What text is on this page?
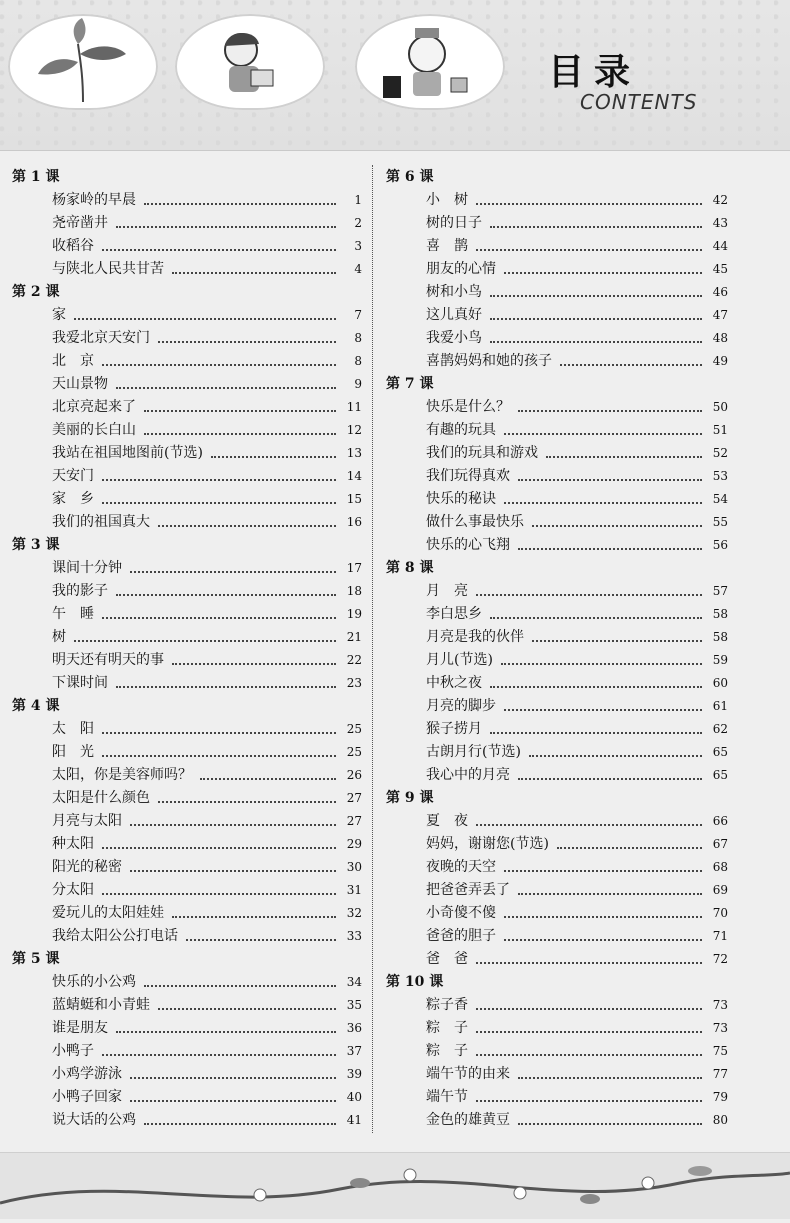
目录
CONTENTS
第 1 课
杨家岭的早晨	1
尧帝凿井	2
收稻谷	3
与陕北人民共甘苦	4
第 2 课
家	7
我爱北京天安门	8
北　京	8
天山景物	9
北京亮起来了	11
美丽的长白山	12
我站在祖国地图前(节选)	13
天安门	14
家　乡	15
我们的祖国真大	16
第 3 课
课间十分钟	17
我的影子	18
午　睡	19
树	21
明天还有明天的事	22
下课时间	23
第 4 课
太　阳	25
阳　光	25
太阳，你是美容师吗？	26
太阳是什么颜色	27
月亮与太阳	27
种太阳	29
阳光的秘密	30
分太阳	31
爱玩儿的太阳娃娃	32
我给太阳公公打电话	33
第 5 课
快乐的小公鸡	34
蓝蜻蜓和小青蛙	35
谁是朋友	36
小鸭子	37
小鸡学游泳	39
小鸭子回家	40
说大话的公鸡	41
第 6 课
小　树	42
树的日子	43
喜　鹊	44
朋友的心情	45
树和小鸟	46
这儿真好	47
我爱小鸟	48
喜鹊妈妈和她的孩子	49
第 7 课
快乐是什么？	50
有趣的玩具	51
我们的玩具和游戏	52
我们玩得真欢	53
快乐的秘诀	54
做什么事最快乐	55
快乐的心飞翔	56
第 8 课
月　亮	57
李白思乡	58
月亮是我的伙伴	58
月儿(节选)	59
中秋之夜	60
月亮的脚步	61
猴子捞月	62
古朗月行(节选)	65
我心中的月亮	65
第 9 课
夏　夜	66
妈妈，谢谢您(节选)	67
夜晚的天空	68
把爸爸弄丢了	69
小奇傻不傻	70
爸爸的胆子	71
爸　爸	72
第 10 课
粽子香	73
粽　子	73
粽　子	75
端午节的由来	77
端午节	79
金色的雄黄豆	80
